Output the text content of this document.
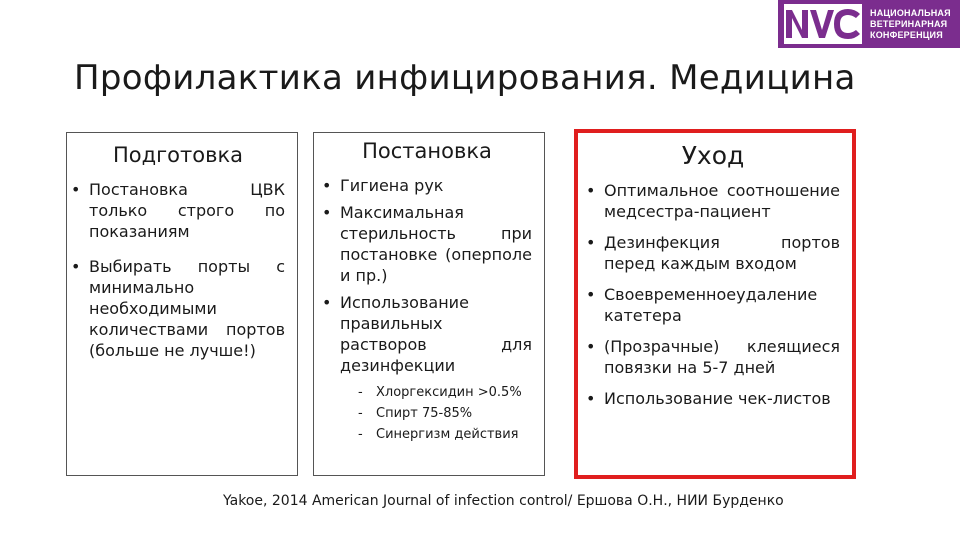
НАЦИОНАЛЬНАЯ
ВЕТЕРИНАРНАЯ
КОНФЕРЕНЦИЯ
Профилактика инфицирования. Медицина
Подготовка
• Постановка ЦВК только строго по показаниям
• Выбирать порты с минимально необходимыми количествами портов (больше не лучше!)
Постановка
• Гигиена рук
• Максимальная стерильность при постановке (оперполе и пр.)
• Использование правильных растворов для дезинфекции
- Хлоргексидин >0.5%
- Спирт 75-85%
- Синергизм действия
Уход
• Оптимальное соотношение медсестра-пациент
• Дезинфекция портов перед каждым входом
• Своевременноеудаление катетера
• (Прозрачные) клеящиеся повязки на 5-7 дней
• Использование чек-листов
Yakoe, 2014 American Journal of infection control/ Ершова О.Н., НИИ Бурденко
